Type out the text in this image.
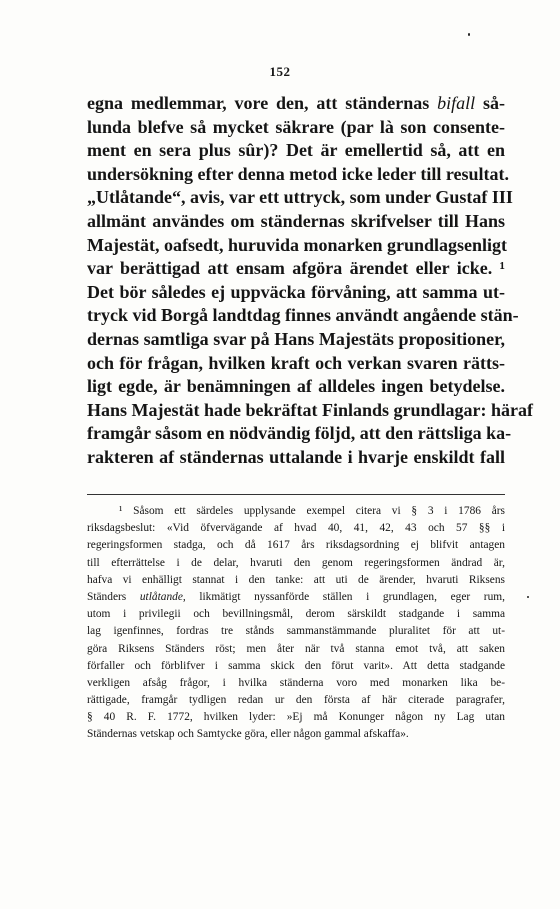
152
egna medlemmar, vore den, att ständernas bifall så-
lunda blefve så mycket säkrare (par là son consente-
ment en sera plus sûr)? Det är emellertid så, att en
undersökning efter denna metod icke leder till resultat.
„Utlåtande“, avis, var ett uttryck, som under Gustaf III
allmänt användes om ständernas skrifvelser till Hans
Majestät, oafsedt, huruvida monarken grundlagsenligt
var berättigad att ensam afgöra ärendet eller icke. ¹
Det bör således ej uppväcka förvåning, att samma ut-
tryck vid Borgå landtdag finnes användt angående stän-
dernas samtliga svar på Hans Majestäts propositioner,
och för frågan, hvilken kraft och verkan svaren rätts-
ligt egde, är benämningen af alldeles ingen betydelse.
Hans Majestät hade bekräftat Finlands grundlagar: häraf
framgår såsom en nödvändig följd, att den rättsliga ka-
rakteren af ständernas uttalande i hvarje enskildt fall
¹ Såsom ett särdeles upplysande exempel citera vi § 3 i 1786 års
riksdagsbeslut: «Vid öfvervägande af hvad 40, 41, 42, 43 och 57 §§ i
regeringsformen stadga, och då 1617 års riksdagsordning ej blifvit antagen
till efterrättelse i de delar, hvaruti den genom regeringsformen ändrad är,
hafva vi enhälligt stannat i den tanke: att uti de ärender, hvaruti Riksens
Ständers utlåtande, likmätigt nyssanförde ställen i grundlagen, eger rum,
utom i privilegii och bevillningsmål, derom särskildt stadgande i samma
lag igenfinnes, fordras tre stånds sammanstämmande pluralitet för att ut-
göra Riksens Ständers röst; men åter när två stanna emot två, att saken
förfaller och förblifver i samma skick den förut varit». Att detta stadgande
verkligen afsåg frågor, i hvilka ständerna voro med monarken lika be-
rättigade, framgår tydligen redan ur den första af här citerade paragrafer,
§ 40 R. F. 1772, hvilken lyder: »Ej må Konunger någon ny Lag utan
Ständernas vetskap och Samtycke göra, eller någon gammal afskaffa».
